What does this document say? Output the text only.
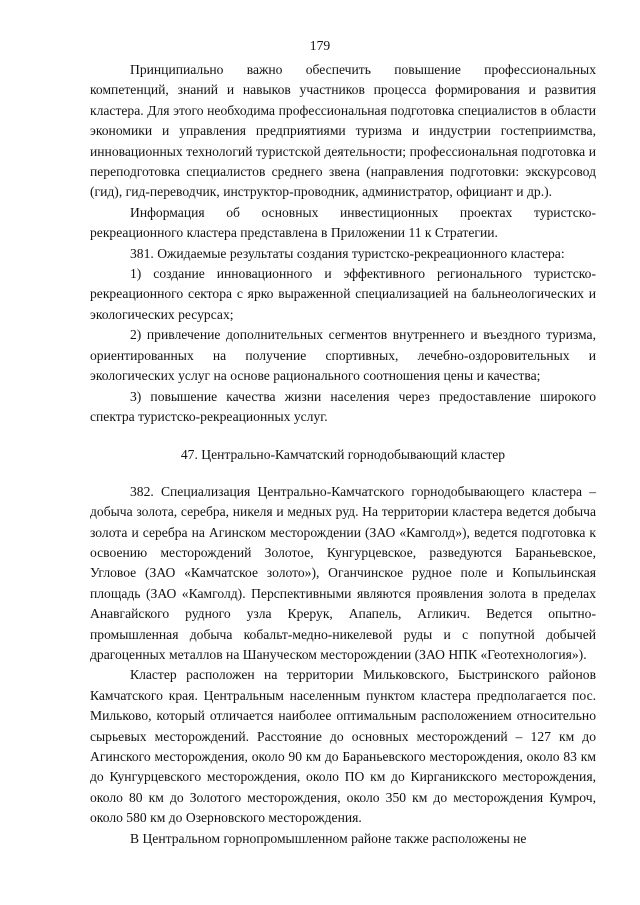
179

Принципиально важно обеспечить повышение профессиональных компетенций, знаний и навыков участников процесса формирования и развития кластера. Для этого необходима профессиональная подготовка специалистов в области экономики и управления предприятиями туризма и индустрии гостеприимства, инновационных технологий туристской деятельности; профессиональная подготовка и переподготовка специалистов среднего звена (направления подготовки: экскурсовод (гид), гид-переводчик, инструктор-проводник, администратор, официант и др.).

Информация об основных инвестиционных проектах туристско-рекреационного кластера представлена в Приложении 11 к Стратегии.

381. Ожидаемые результаты создания туристско-рекреационного кластера:

1) создание инновационного и эффективного регионального туристско-рекреационного сектора с ярко выраженной специализацией на бальнеологических и экологических ресурсах;

2) привлечение дополнительных сегментов внутреннего и въездного туризма, ориентированных на получение спортивных, лечебно-оздоровительных и экологических услуг на основе рационального соотношения цены и качества;

3) повышение качества жизни населения через предоставление широкого спектра туристско-рекреационных услуг.

47. Центрально-Камчатский горнодобывающий кластер

382. Специализация Центрально-Камчатского горнодобывающего кластера – добыча золота, серебра, никеля и медных руд. На территории кластера ведется добыча золота и серебра на Агинском месторождении (ЗАО «Камголд»), ведется подготовка к освоению месторождений Золотое, Кунгурцевское, разведуются Бараньевское, Угловое (ЗАО «Камчатское золото»), Оганчинское рудное поле и Копыльинская площадь (ЗАО «Камголд). Перспективными являются проявления золота в пределах Анавгайского рудного узла Крерук, Апапель, Агликич. Ведется опытно-промышленная добыча кобальт-медно-никелевой руды и с попутной добычей драгоценных металлов на Шануческом месторождении (ЗАО НПК «Геотехнология»).

Кластер расположен на территории Мильковского, Быстринского районов Камчатского края. Центральным населенным пунктом кластера предполагается пос. Мильково, который отличается наиболее оптимальным расположением относительно сырьевых месторождений. Расстояние до основных месторождений – 127 км до Агинского месторождения, около 90 км до Бараньевского месторождения, около 83 км до Кунгурцевского месторождения, около ПО км до Кирганикского месторождения, около 80 км до Золотого месторождения, около 350 км до месторождения Кумроч, около 580 км до Озерновского месторождения.

В Центральном горнопромышленном районе также расположены не
